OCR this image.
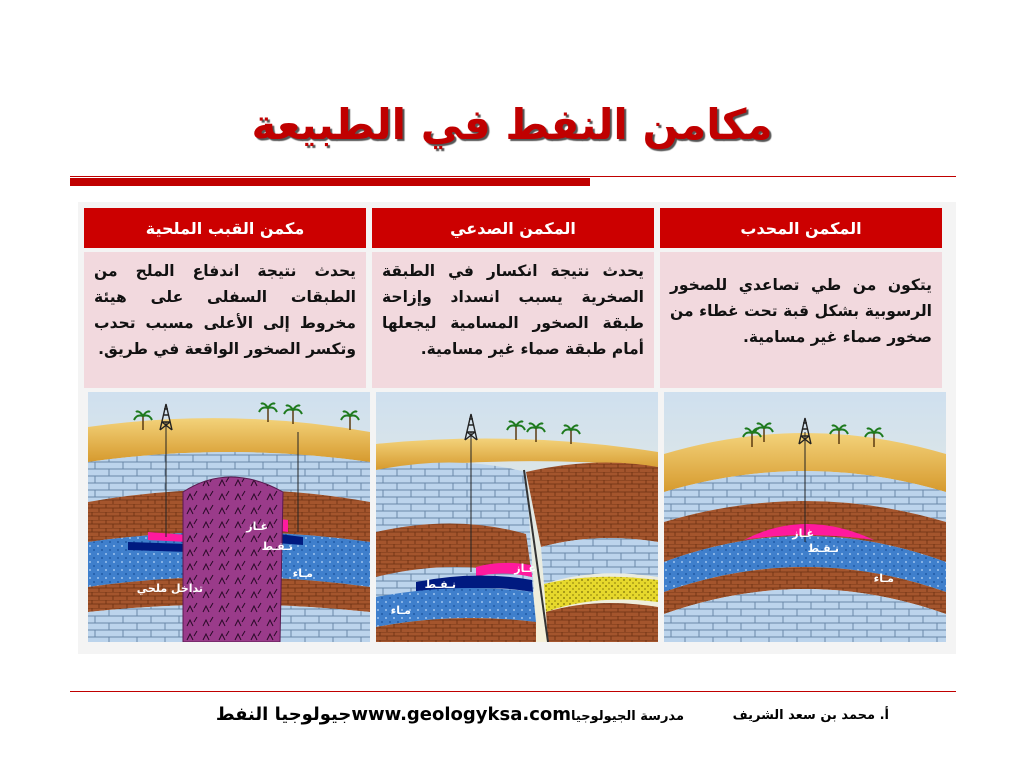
مكامن النفط في الطبيعة
المكمن المحدب
يتكون من طي تصاعدي للصخور الرسوبية بشكل قبة تحت غطاء من صخور صماء غير مسامية.
المكمن الصدعي
يحدث نتيجة انكسار في الطبقة الصخرية يسبب انسداد وإزاحة طبقة الصخور المسامية ليجعلها أمام طبقة صماء غير مسامية.
مكمن القبب الملحية
يحدث نتيجة اندفاع الملح من الطبقات السفلى على هيئة مخروط إلى الأعلى مسبب تحدب وتكسر الصخور الواقعة في طريق.
غـاز
نـفـط
مـاء
غـاز
نـفـط
مـاء
غـاز
نـفـط
مـاء
تداخل ملحي
أ. محمد بن سعد الشريف
مدرسة الجيولوجياwww.geologyksa.comجيولوجيا النفط
